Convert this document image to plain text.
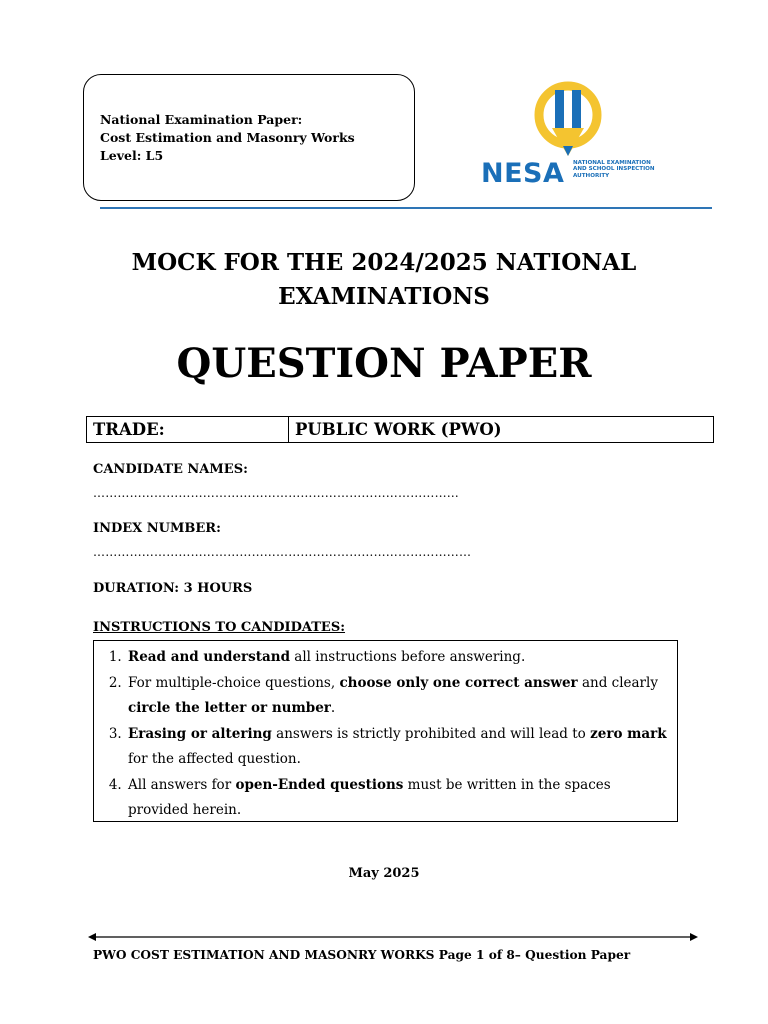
National Examination Paper:
Cost Estimation and Masonry Works
Level: L5
NESA NATIONAL EXAMINATION
AND SCHOOL INSPECTION
AUTHORITY
MOCK FOR THE 2024/2025 NATIONAL
EXAMINATIONS
QUESTION PAPER
TRADE:	PUBLIC WORK (PWO)
CANDIDATE NAMES:
………………………………………………………………………………
INDEX NUMBER:
…………………………………………………………………………………
DURATION: 3 HOURS
INSTRUCTIONS TO CANDIDATES:
1. Read and understand all instructions before answering.
2. For multiple-choice questions, choose only one correct answer and clearly circle the letter or number.
3. Erasing or altering answers is strictly prohibited and will lead to zero mark for the affected question.
4. All answers for open-Ended questions must be written in the spaces provided herein.
May 2025
PWO COST ESTIMATION AND MASONRY WORKS Page 1 of 8– Question Paper
